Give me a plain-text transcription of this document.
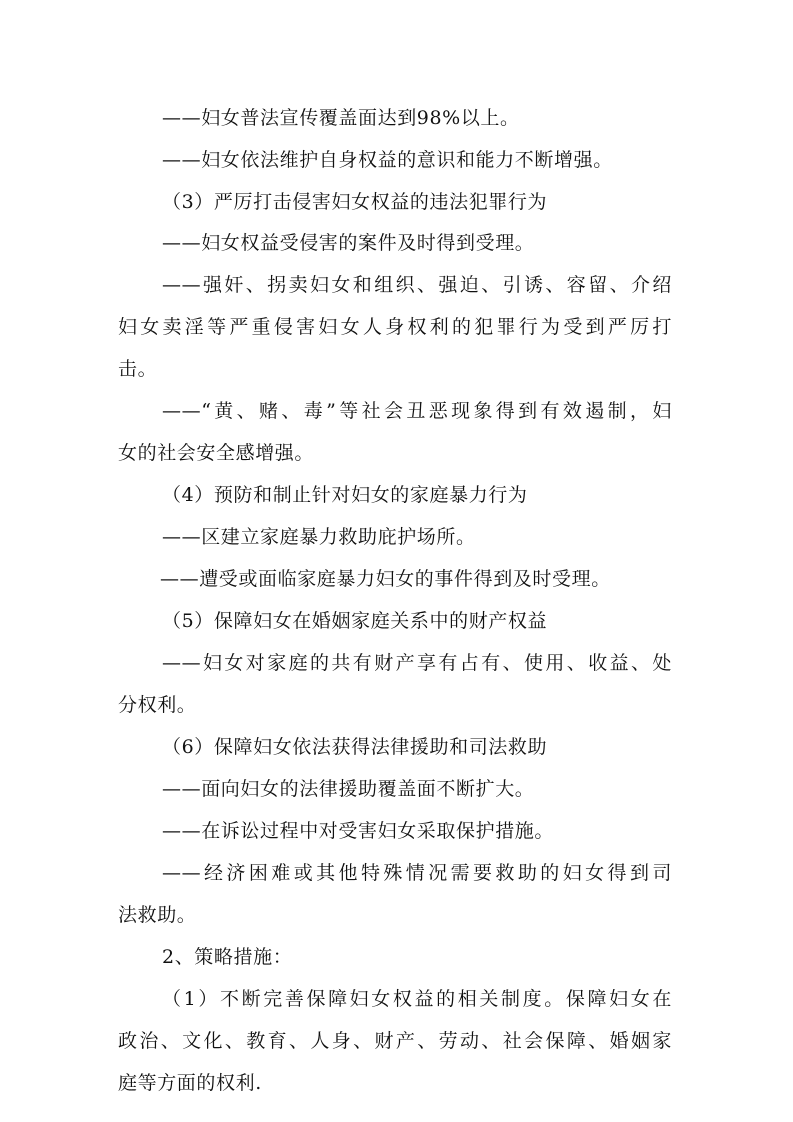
——妇女普法宣传覆盖面达到98%以上。
——妇女依法维护自身权益的意识和能力不断增强。
（3）严厉打击侵害妇女权益的违法犯罪行为
——妇女权益受侵害的案件及时得到受理。
——强奸、拐卖妇女和组织、强迫、引诱、容留、介绍
妇女卖淫等严重侵害妇女人身权利的犯罪行为受到严厉打
击。
——“黄、赌、毒”等社会丑恶现象得到有效遏制，妇
女的社会安全感增强。
（4）预防和制止针对妇女的家庭暴力行为
——区建立家庭暴力救助庇护场所。
——遭受或面临家庭暴力妇女的事件得到及时受理。
（5）保障妇女在婚姻家庭关系中的财产权益
——妇女对家庭的共有财产享有占有、使用、收益、处
分权利。
（6）保障妇女依法获得法律援助和司法救助
——面向妇女的法律援助覆盖面不断扩大。
——在诉讼过程中对受害妇女采取保护措施。
——经济困难或其他特殊情况需要救助的妇女得到司
法救助。
2、策略措施：
（1）不断完善保障妇女权益的相关制度。保障妇女在
政治、文化、教育、人身、财产、劳动、社会保障、婚姻家
庭等方面的权利.
